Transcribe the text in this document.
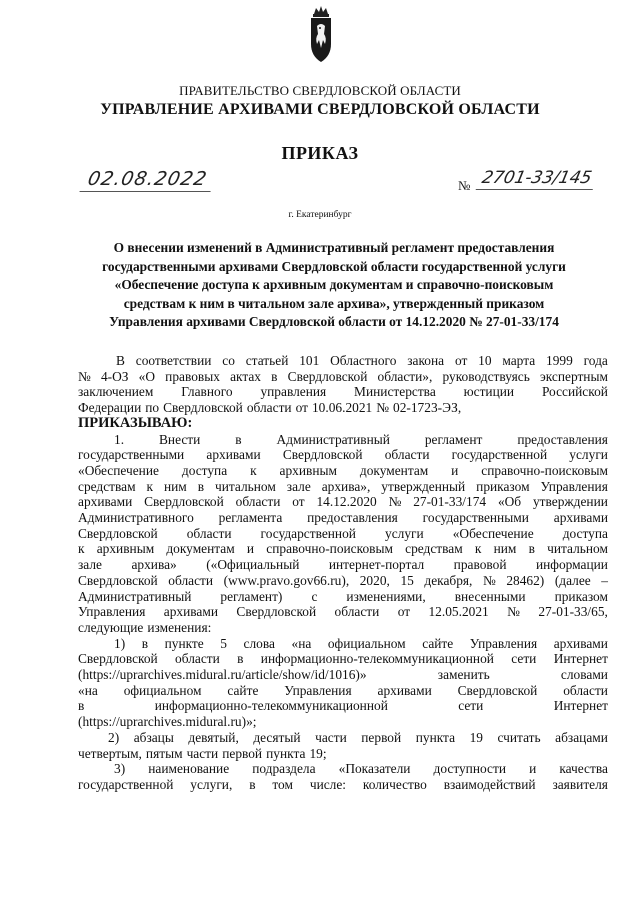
ПРАВИТЕЛЬСТВО СВЕРДЛОВСКОЙ ОБЛАСТИ
УПРАВЛЕНИЕ АРХИВАМИ СВЕРДЛОВСКОЙ ОБЛАСТИ
ПРИКАЗ
02.08.2022	№ 2701-33/145
г. Екатеринбург
О внесении изменений в Административный регламент предоставления
государственными архивами Свердловской области государственной услуги
«Обеспечение доступа к архивным документам и справочно-поисковым
средствам к ним в читальном зале архива», утвержденный приказом
Управления архивами Свердловской области от 14.12.2020 № 27-01-33/174
В соответствии со статьей 101 Областного закона от 10 марта 1999 года
№ 4-ОЗ «О правовых актах в Свердловской области», руководствуясь экспертным
заключением Главного управления Министерства юстиции Российской
Федерации по Свердловской области от 10.06.2021 № 02-1723-ЭЗ,
ПРИКАЗЫВАЮ:
1.	Внести	в	Административный	регламент	предоставления
государственными архивами Свердловской области государственной услуги
«Обеспечение доступа к архивным документам и справочно-поисковым
средствам к ним в читальном зале архива», утвержденный приказом Управления
архивами Свердловской области от 14.12.2020 № 27-01-33/174 «Об утверждении
Административного регламента предоставления государственными архивами
Свердловской области государственной услуги «Обеспечение доступа
к архивным документам и справочно-поисковым средствам к ним в читальном
зале архива» («Официальный интернет-портал правовой информации
Свердловской области (www.pravo.gov66.ru), 2020, 15 декабря, № 28462) (далее –
Административный регламент) с изменениями, внесенными приказом
Управления архивами Свердловской области от 12.05.2021 № 27-01-33/65,
следующие изменения:
1) в пункте 5 слова «на официальном сайте Управления архивами
Свердловской области в информационно-телекоммуникационной сети Интернет
(https://uprarchives.midural.ru/article/show/id/1016)»	заменить	словами
«на официальном сайте Управления архивами Свердловской области
в	информационно-телекоммуникационной	сети	Интернет
(https://uprarchives.midural.ru)»;
2) абзацы девятый, десятый части первой пункта 19 считать абзацами
четвертым, пятым части первой пункта 19;
3) наименование подраздела «Показатели доступности и качества
государственной услуги, в том числе: количество взаимодействий заявителя
